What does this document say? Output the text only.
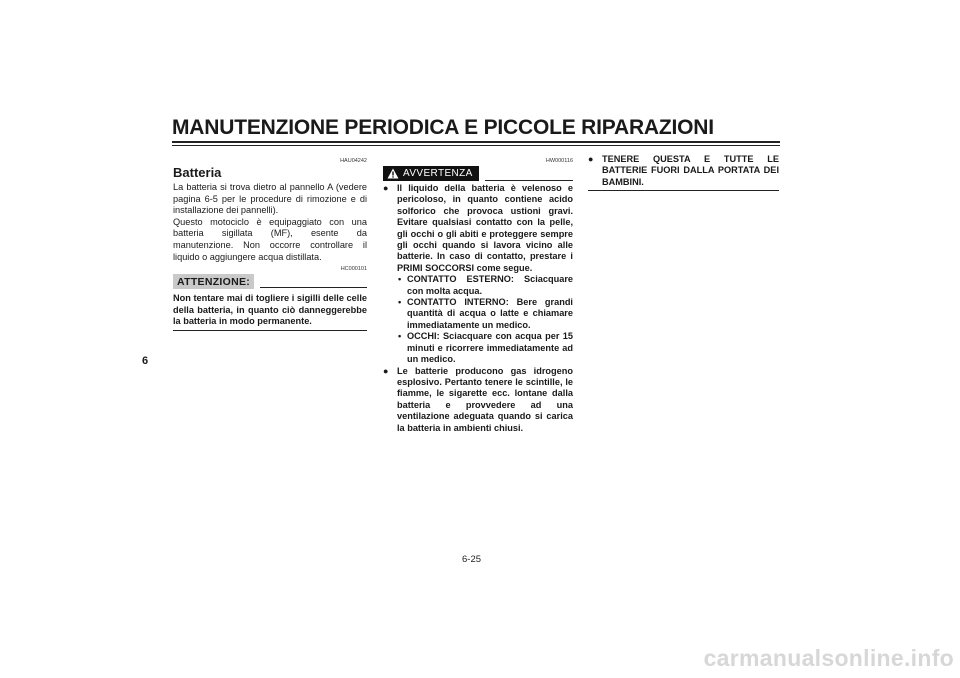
MANUTENZIONE PERIODICA E PICCOLE RIPARAZIONI
6
HAU04242
Batteria

La batteria si trova dietro al pannello A (vedere pagina 6-5 per le procedure di rimozione e di installazione dei pannelli).

Questo motociclo è equipaggiato con una batteria sigillata (MF), esente da manutenzione. Non occorre controllare il liquido o aggiungere acqua distillata.

HC000101
ATTENZIONE:

Non tentare mai di togliere i sigilli delle celle della batteria, in quanto ciò danneggerebbe la batteria in modo permanente.

HW000116
AVVERTENZA
● Il liquido della batteria è velenoso e pericoloso, in quanto contiene acido solforico che provoca ustioni gravi. Evitare qualsiasi contatto con la pelle, gli occhi o gli abiti e proteggere sempre gli occhi quando si lavora vicino alle batterie. In caso di contatto, prestare i PRIMI SOCCORSI come segue.
• CONTATTO ESTERNO: Sciacquare con molta acqua.
• CONTATTO INTERNO: Bere grandi quantità di acqua o latte e chiamare immediatamente un medico.
• OCCHI: Sciacquare con acqua per 15 minuti e ricorrere immediatamente ad un medico.
● Le batterie producono gas idrogeno esplosivo. Pertanto tenere le scintille, le fiamme, le sigarette ecc. lontane dalla batteria e provvedere ad una ventilazione adeguata quando si carica la batteria in ambienti chiusi.
● TENERE QUESTA E TUTTE LE BATTERIE FUORI DALLA PORTATA DEI BAMBINI.
6-25
carmanualsonline.info
